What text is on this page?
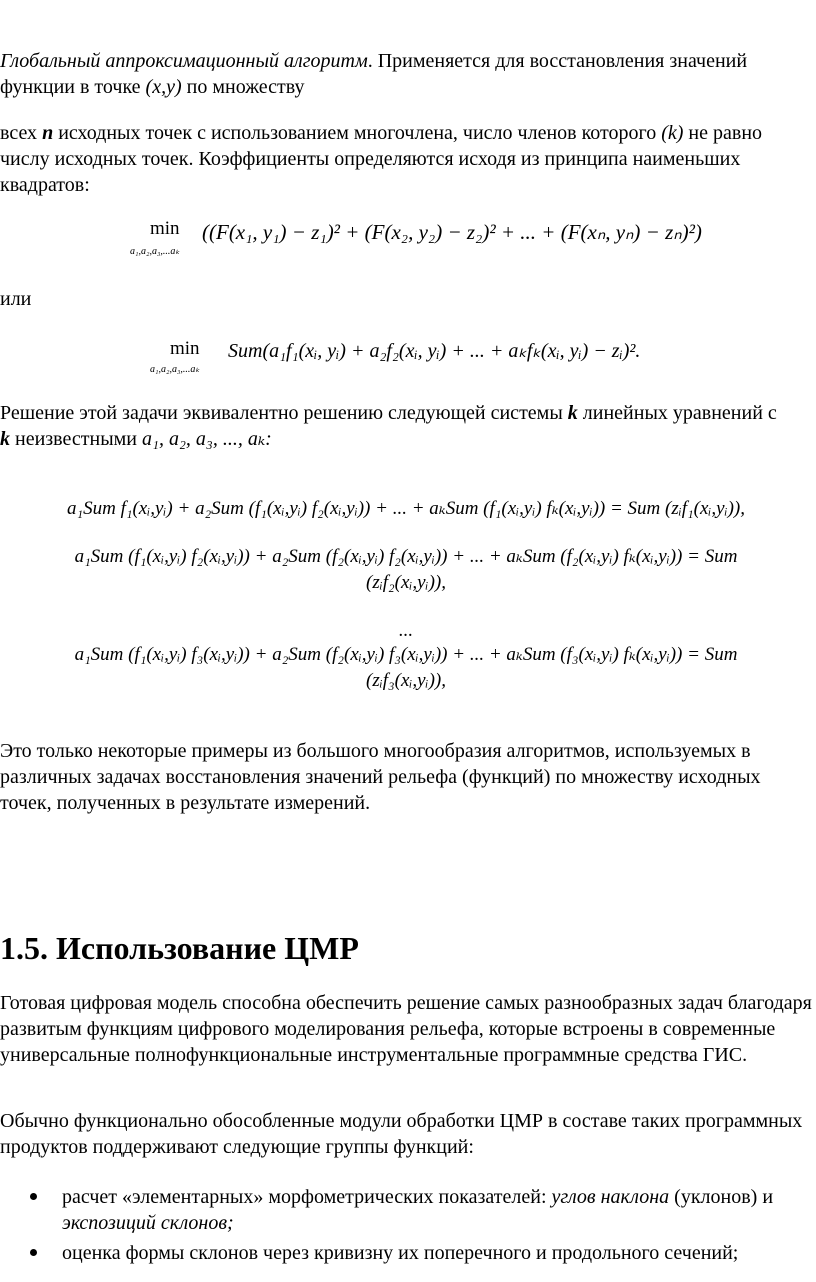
Глобальный аппроксимационный алгоритм. Применяется для восстановления значений
функции в точке (x,y) по множеству

всех n исходных точек с использованием многочлена, число членов которого (k) не равно числу исходных точек. Коэффициенты определяются исходя из принципа наименьших квадратов:

min
a₁,a₂,a₃,...aₖ
((F(x₁, y₁) − z₁)² + (F(x₂, y₂) − z₂)² + ... + (F(xₙ, yₙ) − zₙ)²)

или

min
a₁,a₂,a₃,...aₖ
Sum(a₁f₁(xᵢ, yᵢ) + a₂f₂(xᵢ, yᵢ) + ... + aₖfₖ(xᵢ, yᵢ) − zᵢ)².

Решение этой задачи эквивалентно решению следующей системы k линейных уравнений с
k неизвестными a₁, a₂, a₃, ..., aₖ:

a₁Sum f₁(xᵢ,yᵢ) + a₂Sum (f₁(xᵢ,yᵢ) f₂(xᵢ,yᵢ)) + ... + aₖSum (f₁(xᵢ,yᵢ) fₖ(xᵢ,yᵢ)) = Sum (zᵢf₁(xᵢ,yᵢ)),
a₁Sum (f₁(xᵢ,yᵢ) f₂(xᵢ,yᵢ)) + a₂Sum (f₂(xᵢ,yᵢ) f₂(xᵢ,yᵢ)) + ... + aₖSum (f₂(xᵢ,yᵢ) fₖ(xᵢ,yᵢ)) = Sum
(zᵢf₂(xᵢ,yᵢ)),
...
a₁Sum (f₁(xᵢ,yᵢ) f₃(xᵢ,yᵢ)) + a₂Sum (f₂(xᵢ,yᵢ) f₃(xᵢ,yᵢ)) + ... + aₖSum (f₃(xᵢ,yᵢ) fₖ(xᵢ,yᵢ)) = Sum
(zᵢf₃(xᵢ,yᵢ)),

Это только некоторые примеры из большого многообразия алгоритмов, используемых в различных задачах восстановления значений рельефа (функций) по множеству исходных точек, полученных в результате измерений.

1.5. Использование ЦМР

Готовая цифровая модель способна обеспечить решение самых разнообразных задач благодаря развитым функциям цифрового моделирования рельефа, которые встроены в современные универсальные полнофункциональные инструментальные программные средства ГИС.

Обычно функционально обособленные модули обработки ЦМР в составе таких программных продуктов поддерживают следующие группы функций:

расчет «элементарных» морфометрических показателей: углов наклона (уклонов) и экспозиций склонов;
оценка формы склонов через кривизну их поперечного и продольного сечений;
